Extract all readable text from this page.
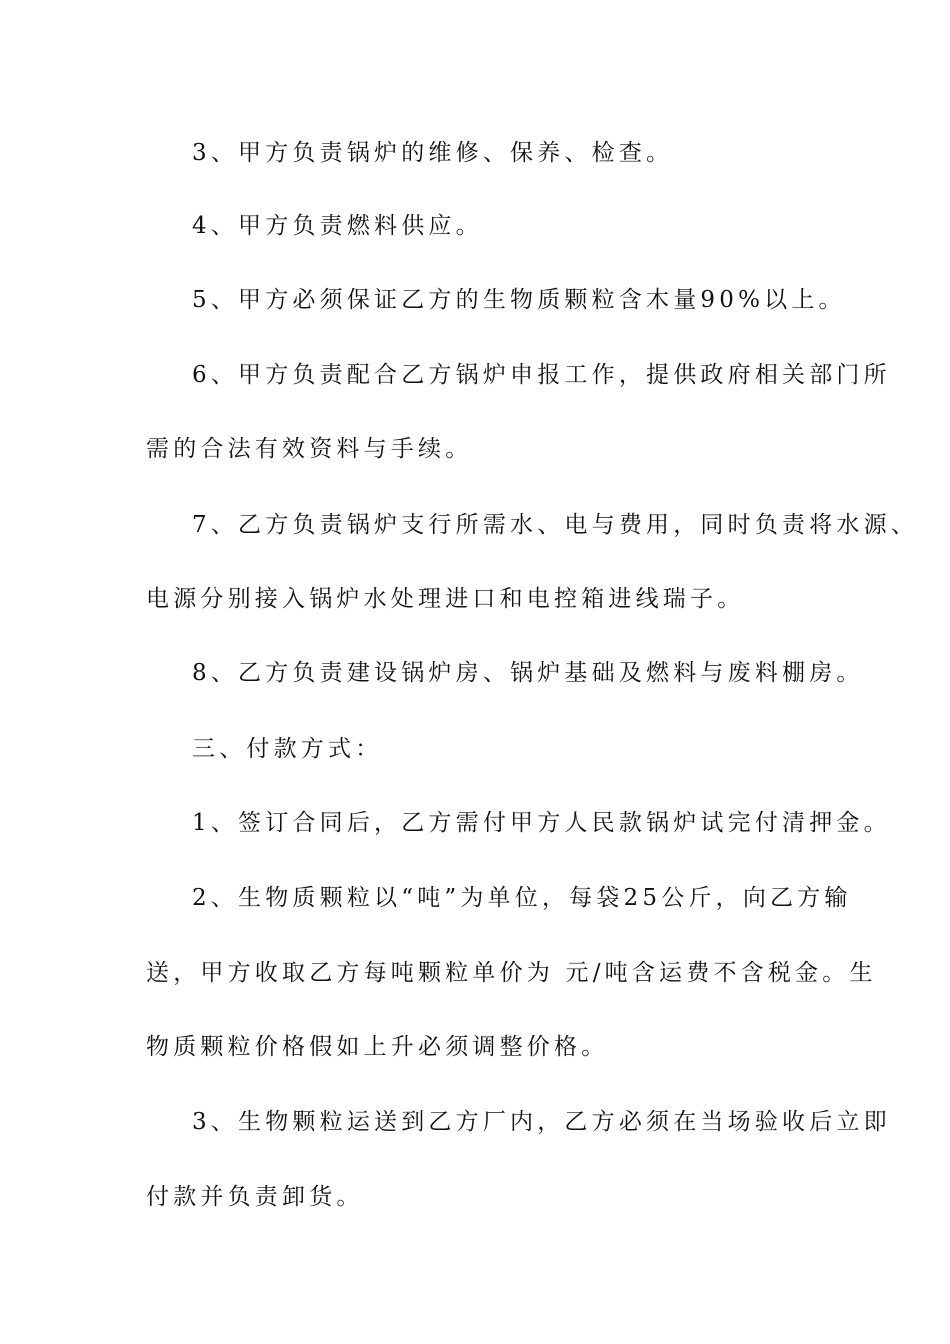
3、甲方负责锅炉的维修、保养、检查。
4、甲方负责燃料供应。
5、甲方必须保证乙方的生物质颗粒含木量90%以上。
6、甲方负责配合乙方锅炉申报工作，提供政府相关部门所
需的合法有效资料与手续。
7、乙方负责锅炉支行所需水、电与费用，同时负责将水源、
电源分别接入锅炉水处理进口和电控箱进线瑞子。
8、乙方负责建设锅炉房、锅炉基础及燃料与废料棚房。
三、付款方式：
1、签订合同后，乙方需付甲方人民款锅炉试完付清押金。
2、生物质颗粒以“吨”为单位，每袋25公斤，向乙方输
送，甲方收取乙方每吨颗粒单价为 元/吨含运费不含税金。生
物质颗粒价格假如上升必须调整价格。
3、生物颗粒运送到乙方厂内，乙方必须在当场验收后立即
付款并负责卸货。
